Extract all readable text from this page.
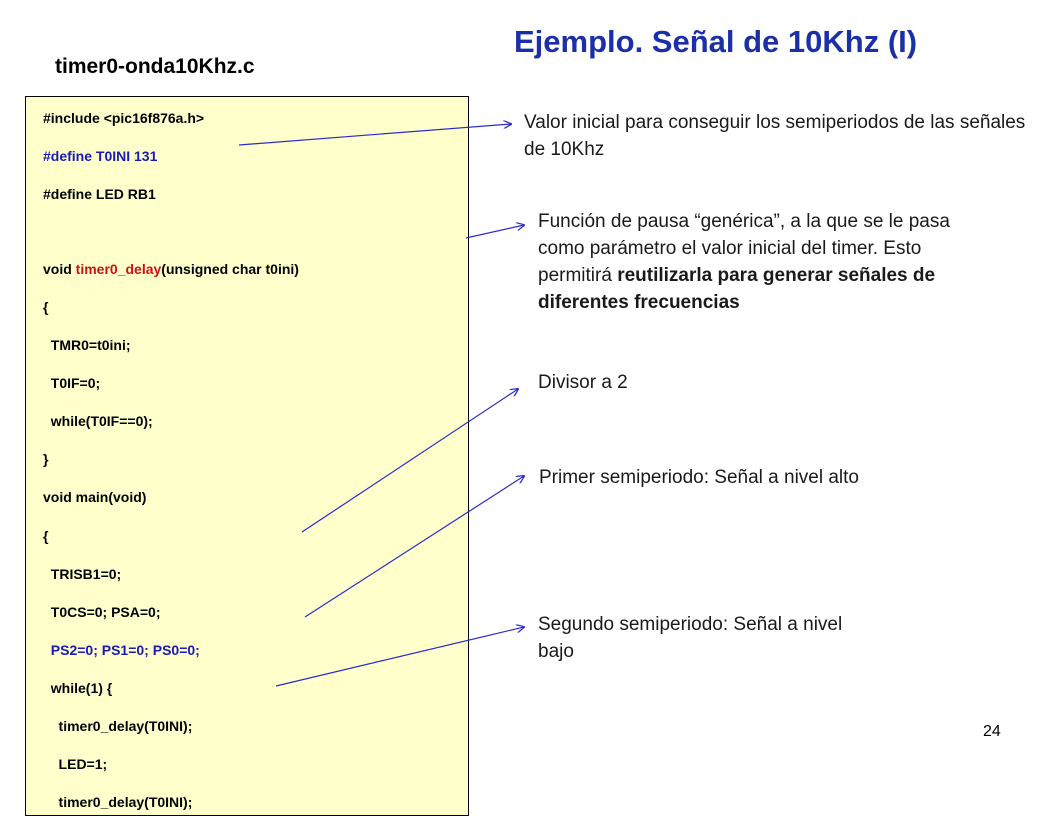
Ejemplo. Señal de 10Khz (I)
timer0-onda10Khz.c
#include <pic16f876a.h>
#define T0INI 131
#define LED RB1
void timer0_delay(unsigned char t0ini)
{
TMR0=t0ini;
T0IF=0;
while(T0IF==0);
}
void main(void)
{
TRISB1=0;
T0CS=0; PSA=0;
PS2=0; PS1=0; PS0=0;
while(1) {
timer0_delay(T0INI);
LED=1;
timer0_delay(T0INI);
Valor inicial para conseguir los semiperiodos de las señales de 10Khz
Función de pausa “genérica”, a la que se le pasa como parámetro el valor inicial del timer. Esto permitirá reutilizarla para generar señales de diferentes frecuencias
Divisor a 2
Primer semiperiodo: Señal a nivel alto
Segundo semiperiodo: Señal a nivel bajo
24
